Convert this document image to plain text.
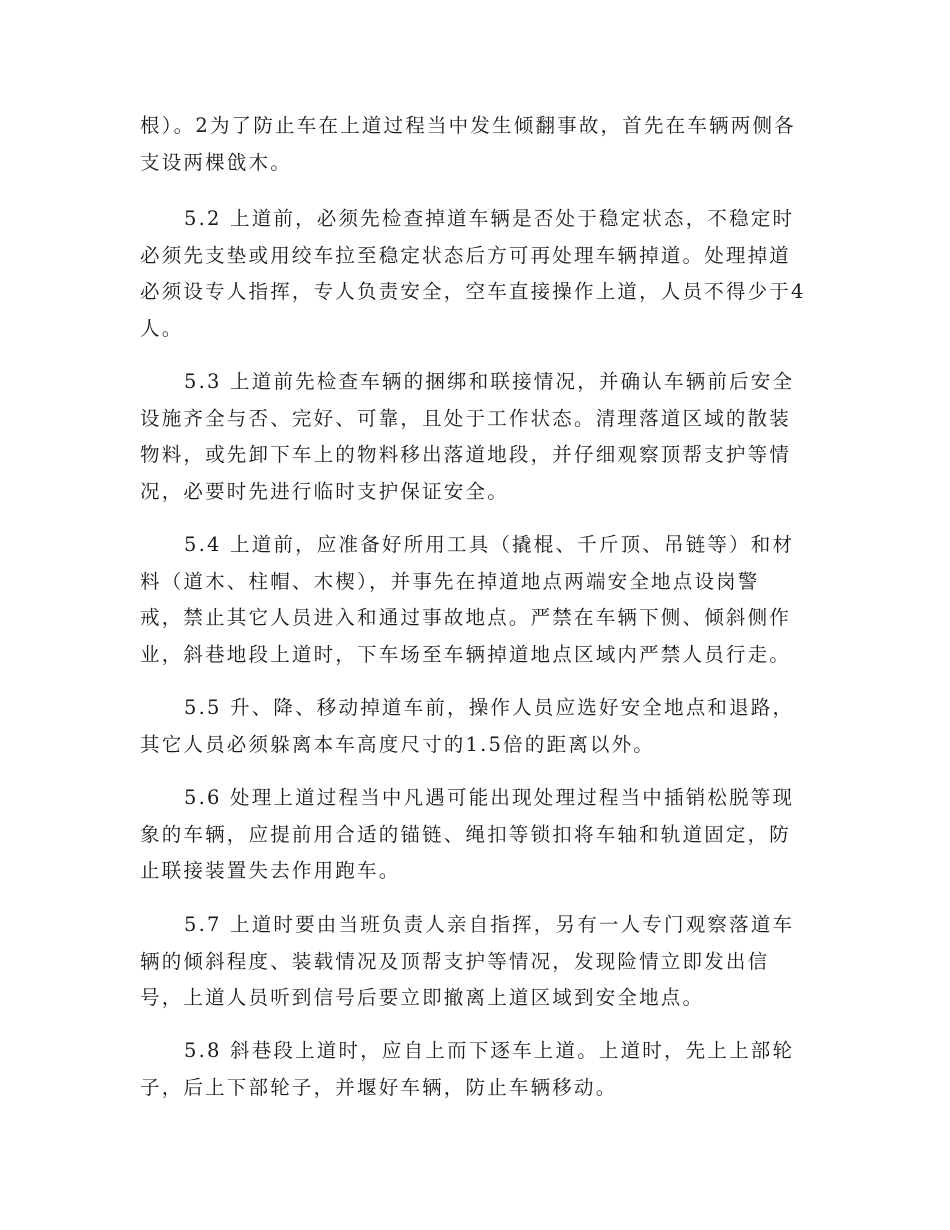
根）。2为了防止车在上道过程当中发生倾翻事故，首先在车辆两侧各
支设两棵戗木。

5.2 上道前，必须先检查掉道车辆是否处于稳定状态，不稳定时
必须先支垫或用绞车拉至稳定状态后方可再处理车辆掉道。处理掉道
必须设专人指挥，专人负责安全，空车直接操作上道，人员不得少于4
人。

5.3 上道前先检查车辆的捆绑和联接情况，并确认车辆前后安全
设施齐全与否、完好、可靠，且处于工作状态。清理落道区域的散装
物料，或先卸下车上的物料移出落道地段，并仔细观察顶帮支护等情
况，必要时先进行临时支护保证安全。

5.4 上道前，应准备好所用工具（撬棍、千斤顶、吊链等）和材
料（道木、柱帽、木楔），并事先在掉道地点两端安全地点设岗警
戒，禁止其它人员进入和通过事故地点。严禁在车辆下侧、倾斜侧作
业，斜巷地段上道时，下车场至车辆掉道地点区域内严禁人员行走。

5.5 升、降、移动掉道车前，操作人员应选好安全地点和退路，
其它人员必须躲离本车高度尺寸的1.5倍的距离以外。

5.6 处理上道过程当中凡遇可能出现处理过程当中插销松脱等现
象的车辆，应提前用合适的锚链、绳扣等锁扣将车轴和轨道固定，防
止联接装置失去作用跑车。

5.7 上道时要由当班负责人亲自指挥，另有一人专门观察落道车
辆的倾斜程度、装载情况及顶帮支护等情况，发现险情立即发出信
号，上道人员听到信号后要立即撤离上道区域到安全地点。

5.8 斜巷段上道时，应自上而下逐车上道。上道时，先上上部轮
子，后上下部轮子，并堰好车辆，防止车辆移动。
